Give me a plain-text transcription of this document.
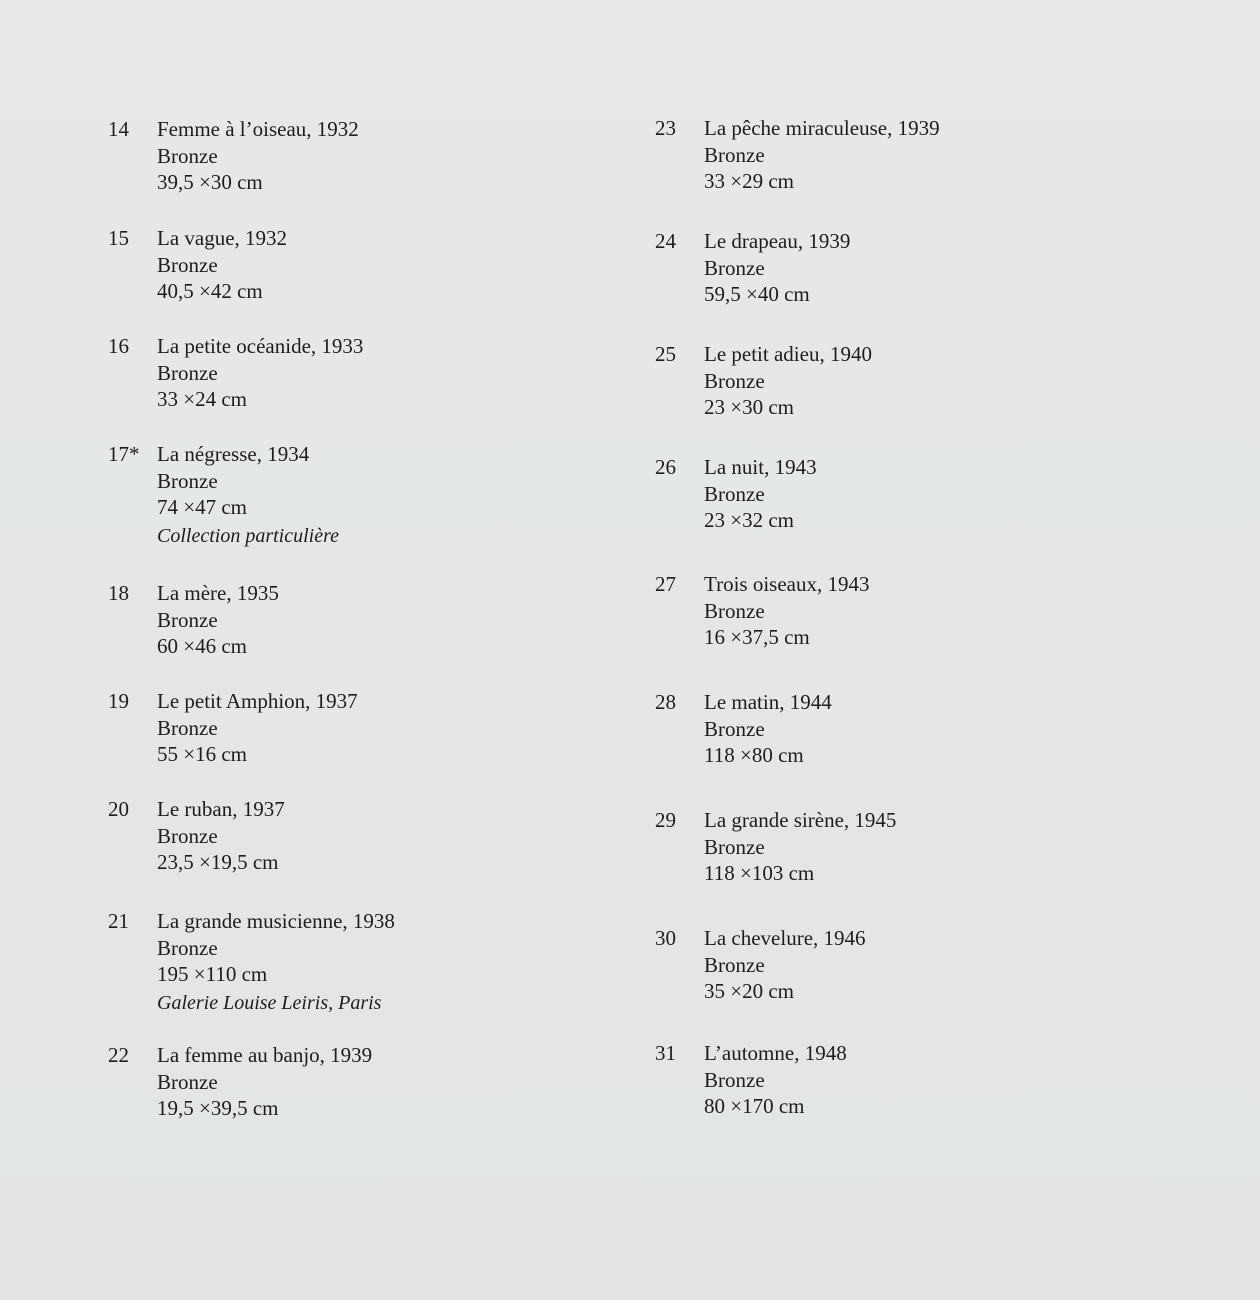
14	Femme à l’oiseau, 1932
Bronze
39,5 ×30 cm
15	La vague, 1932
Bronze
40,5 ×42 cm
16	La petite océanide, 1933
Bronze
33 ×24 cm
17* La négresse, 1934
Bronze
74 ×47 cm
Collection particulière
18	La mère, 1935
Bronze
60 ×46 cm
19	Le petit Amphion, 1937
Bronze
55 ×16 cm
20	Le ruban, 1937
Bronze
23,5 ×19,5 cm
21	La grande musicienne, 1938
Bronze
195 ×110 cm
Galerie Louise Leiris, Paris
22	La femme au banjo, 1939
Bronze
19,5 ×39,5 cm
23	La pêche miraculeuse, 1939
Bronze
33 ×29 cm
24	Le drapeau, 1939
Bronze
59,5 ×40 cm
25	Le petit adieu, 1940
Bronze
23 ×30 cm
26	La nuit, 1943
Bronze
23 ×32 cm
27	Trois oiseaux, 1943
Bronze
16 ×37,5 cm
28	Le matin, 1944
Bronze
118 ×80 cm
29	La grande sirène, 1945
Bronze
118 ×103 cm
30	La chevelure, 1946
Bronze
35 ×20 cm
31	L’automne, 1948
Bronze
80 ×170 cm
